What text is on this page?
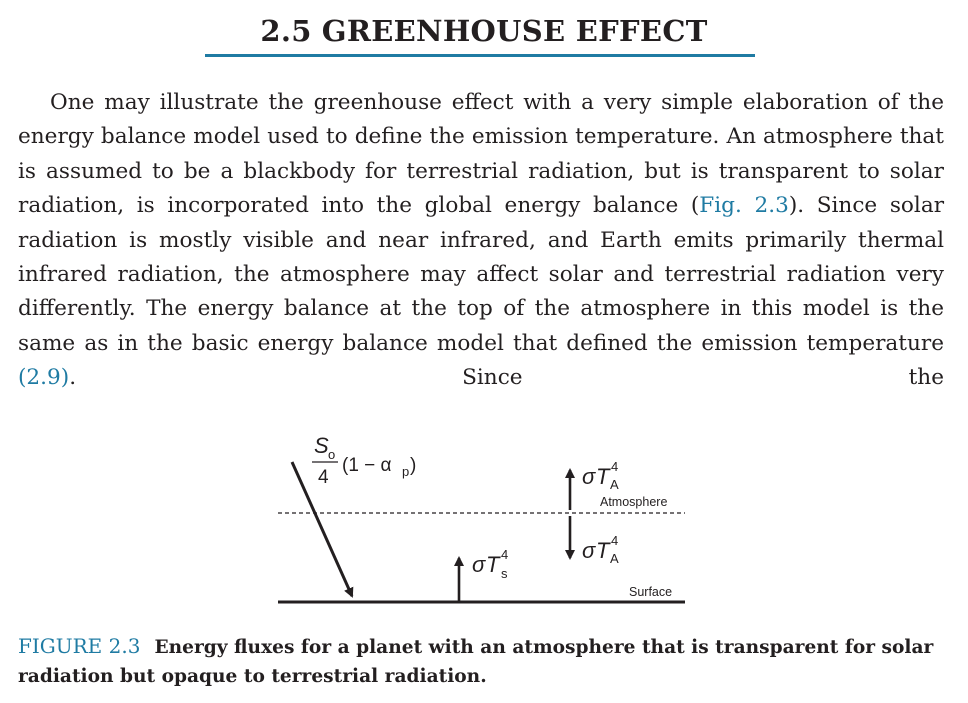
2.5 GREENHOUSE EFFECT

One may illustrate the greenhouse effect with a very simple elaboration of the energy balance model used to define the emission temperature. An atmosphere that is assumed to be a blackbody for terrestrial radiation, but is transparent to solar radiation, is incorporated into the global energy balance (Fig. 2.3). Since solar radiation is mostly visible and near infrared, and Earth emits primarily thermal infrared radiation, the atmosphere may affect solar and terrestrial radiation very differently. The energy balance at the top of the atmosphere in this model is the same as in the basic energy balance model that defined the emission temperature (2.9). Since the

S o
4
(1 − α p )	σ T 4
A
Atmosphere
σ T 4
A
σ T 4
s
Surface

FIGURE 2.3 Energy fluxes for a planet with an atmosphere that is transparent for solar radiation but opaque to terrestrial radiation.
